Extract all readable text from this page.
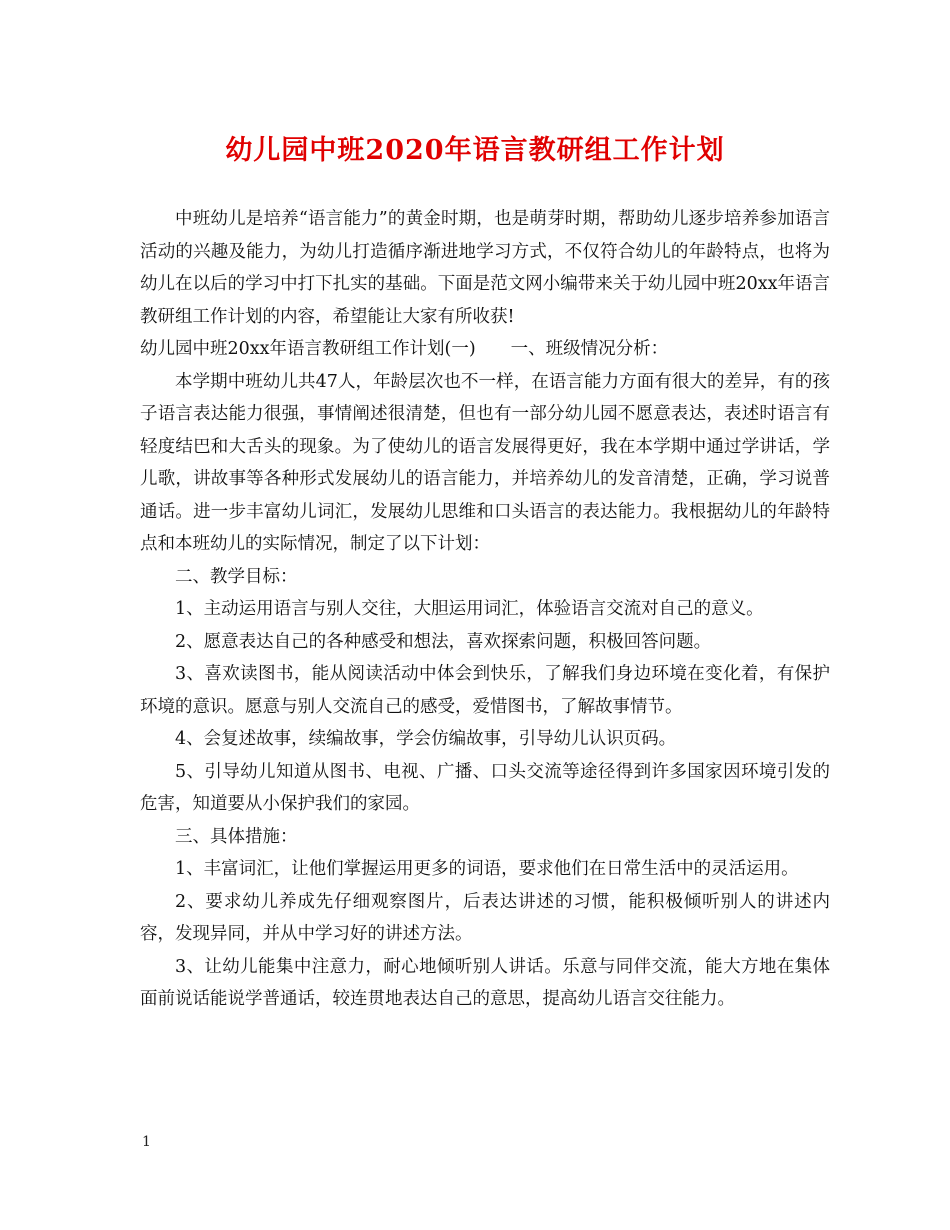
幼儿园中班2020年语言教研组工作计划

中班幼儿是培养“语言能力”的黄金时期，也是萌芽时期，帮助幼儿逐步培养参加语言活动的兴趣及能力，为幼儿打造循序渐进地学习方式，不仅符合幼儿的年龄特点，也将为幼儿在以后的学习中打下扎实的基础。下面是范文网小编带来关于幼儿园中班20xx年语言教研组工作计划的内容，希望能让大家有所收获!

幼儿园中班20xx年语言教研组工作计划(一)　　一、班级情况分析：

本学期中班幼儿共47人，年龄层次也不一样，在语言能力方面有很大的差异，有的孩子语言表达能力很强，事情阐述很清楚，但也有一部分幼儿园不愿意表达，表述时语言有轻度结巴和大舌头的现象。为了使幼儿的语言发展得更好，我在本学期中通过学讲话，学儿歌，讲故事等各种形式发展幼儿的语言能力，并培养幼儿的发音清楚，正确，学习说普通话。进一步丰富幼儿词汇，发展幼儿思维和口头语言的表达能力。我根据幼儿的年龄特点和本班幼儿的实际情况，制定了以下计划：

二、教学目标：

1、主动运用语言与别人交往，大胆运用词汇，体验语言交流对自己的意义。

2、愿意表达自己的各种感受和想法，喜欢探索问题，积极回答问题。

3、喜欢读图书，能从阅读活动中体会到快乐，了解我们身边环境在变化着，有保护环境的意识。愿意与别人交流自己的感受，爱惜图书，了解故事情节。

4、会复述故事，续编故事，学会仿编故事，引导幼儿认识页码。

5、引导幼儿知道从图书、电视、广播、口头交流等途径得到许多国家因环境引发的危害，知道要从小保护我们的家园。

三、具体措施：

1、丰富词汇，让他们掌握运用更多的词语，要求他们在日常生活中的灵活运用。

2、要求幼儿养成先仔细观察图片，后表达讲述的习惯，能积极倾听别人的讲述内容，发现异同，并从中学习好的讲述方法。

3、让幼儿能集中注意力，耐心地倾听别人讲话。乐意与同伴交流，能大方地在集体面前说话能说学普通话，较连贯地表达自己的意思，提高幼儿语言交往能力。

1
